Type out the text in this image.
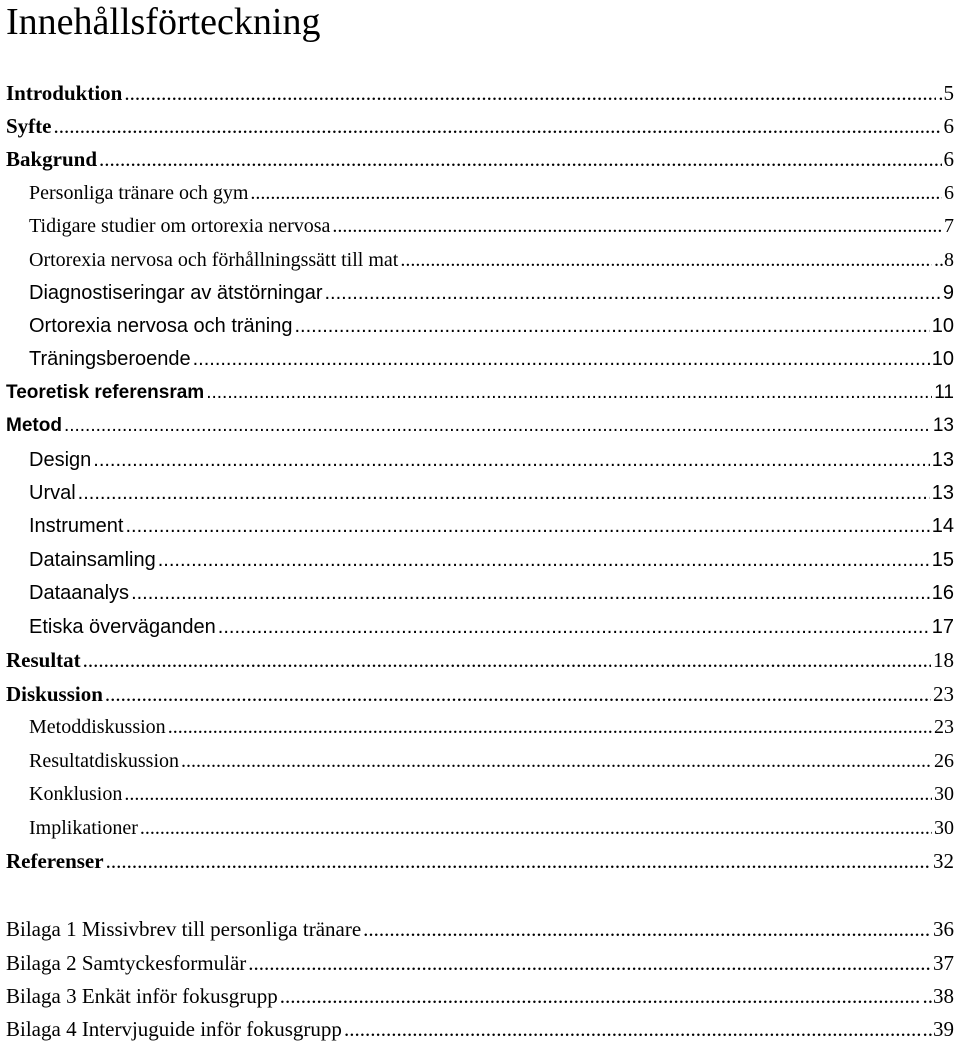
Innehållsförteckning
Introduktion .....	.5
Syfte .....	6
Bakgrund .....	6
Personliga tränare och gym .....	6
Tidigare studier om ortorexia nervosa .....	7
Ortorexia nervosa och förhållningssätt till mat .....	..8
Diagnostiseringar av ätstörningar .....	9
Ortorexia nervosa och träning .....	10
Träningsberoende .....	10
Teoretisk referensram .....	11
Metod .....	13
Design .....	13
Urval .....	13
Instrument .....	14
Datainsamling .....	15
Dataanalys .....	16
Etiska överväganden .....	17
Resultat .....	18
Diskussion .....	23
Metoddiskussion .....	23
Resultatdiskussion .....	26
Konklusion .....	30
Implikationer .....	30
Referenser .....	32
Bilaga 1 Missivbrev till personliga tränare .....	36
Bilaga 2 Samtyckesformulär .....	37
Bilaga 3 Enkät inför fokusgrupp .....	..38
Bilaga 4 Intervjuguide inför fokusgrupp .....	..39
